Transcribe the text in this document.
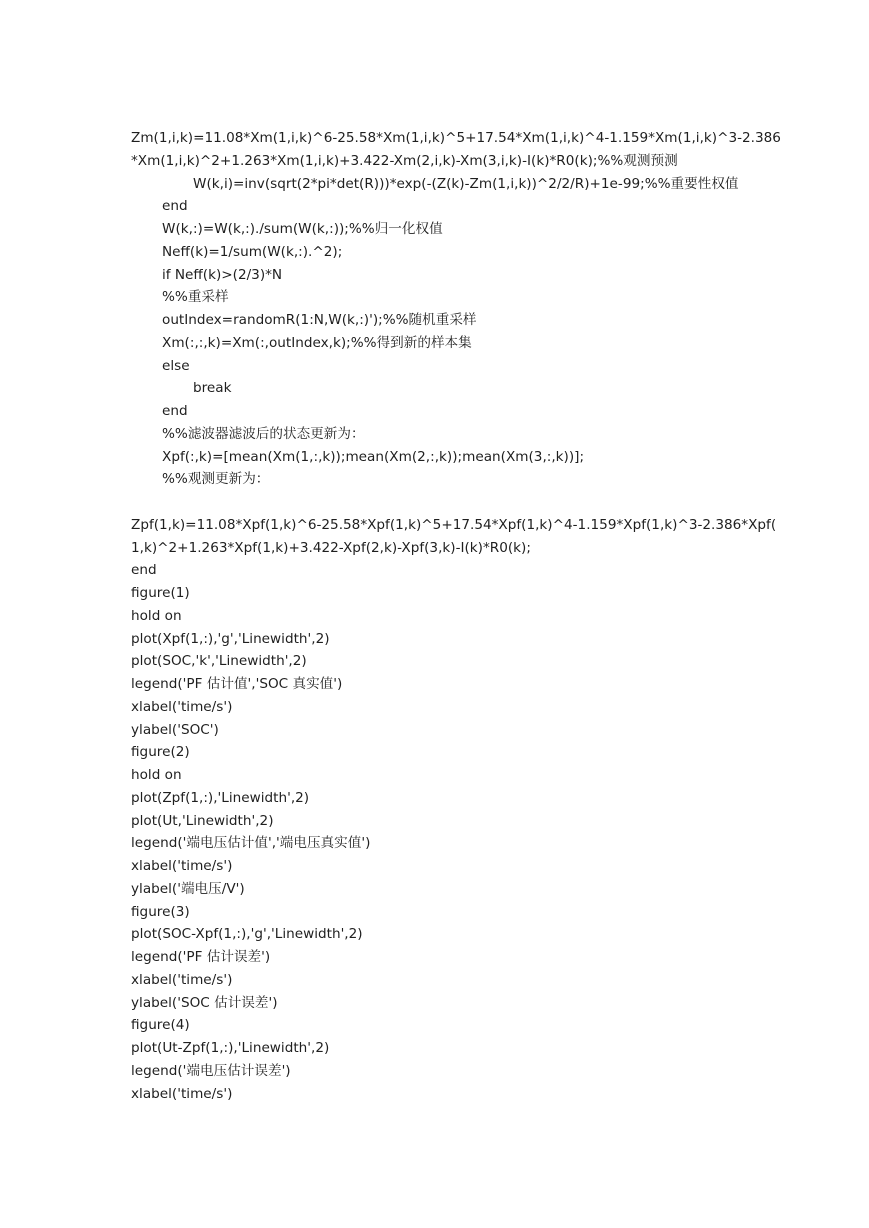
Zm(1,i,k)=11.08*Xm(1,i,k)^6-25.58*Xm(1,i,k)^5+17.54*Xm(1,i,k)^4-1.159*Xm(1,i,k)^3-2.386
*Xm(1,i,k)^2+1.263*Xm(1,i,k)+3.422-Xm(2,i,k)-Xm(3,i,k)-I(k)*R0(k);%%观测预测
W(k,i)=inv(sqrt(2*pi*det(R)))*exp(-(Z(k)-Zm(1,i,k))^2/2/R)+1e-99;%%重要性权值
end
W(k,:)=W(k,:)./sum(W(k,:));%%归一化权值
Neff(k)=1/sum(W(k,:).^2);
if Neff(k)>(2/3)*N
%%重采样
outIndex=randomR(1:N,W(k,:)');%%随机重采样
Xm(:,:,k)=Xm(:,outIndex,k);%%得到新的样本集
else
break
end
%%滤波器滤波后的状态更新为：
Xpf(:,k)=[mean(Xm(1,:,k));mean(Xm(2,:,k));mean(Xm(3,:,k))];
%%观测更新为：
Zpf(1,k)=11.08*Xpf(1,k)^6-25.58*Xpf(1,k)^5+17.54*Xpf(1,k)^4-1.159*Xpf(1,k)^3-2.386*Xpf(
1,k)^2+1.263*Xpf(1,k)+3.422-Xpf(2,k)-Xpf(3,k)-I(k)*R0(k);
end
figure(1)
hold on
plot(Xpf(1,:),'g','Linewidth',2)
plot(SOC,'k','Linewidth',2)
legend('PF 估计值','SOC 真实值')
xlabel('time/s')
ylabel('SOC')
figure(2)
hold on
plot(Zpf(1,:),'Linewidth',2)
plot(Ut,'Linewidth',2)
legend('端电压估计值','端电压真实值')
xlabel('time/s')
ylabel('端电压/V')
figure(3)
plot(SOC-Xpf(1,:),'g','Linewidth',2)
legend('PF 估计误差')
xlabel('time/s')
ylabel('SOC 估计误差')
figure(4)
plot(Ut-Zpf(1,:),'Linewidth',2)
legend('端电压估计误差')
xlabel('time/s')
